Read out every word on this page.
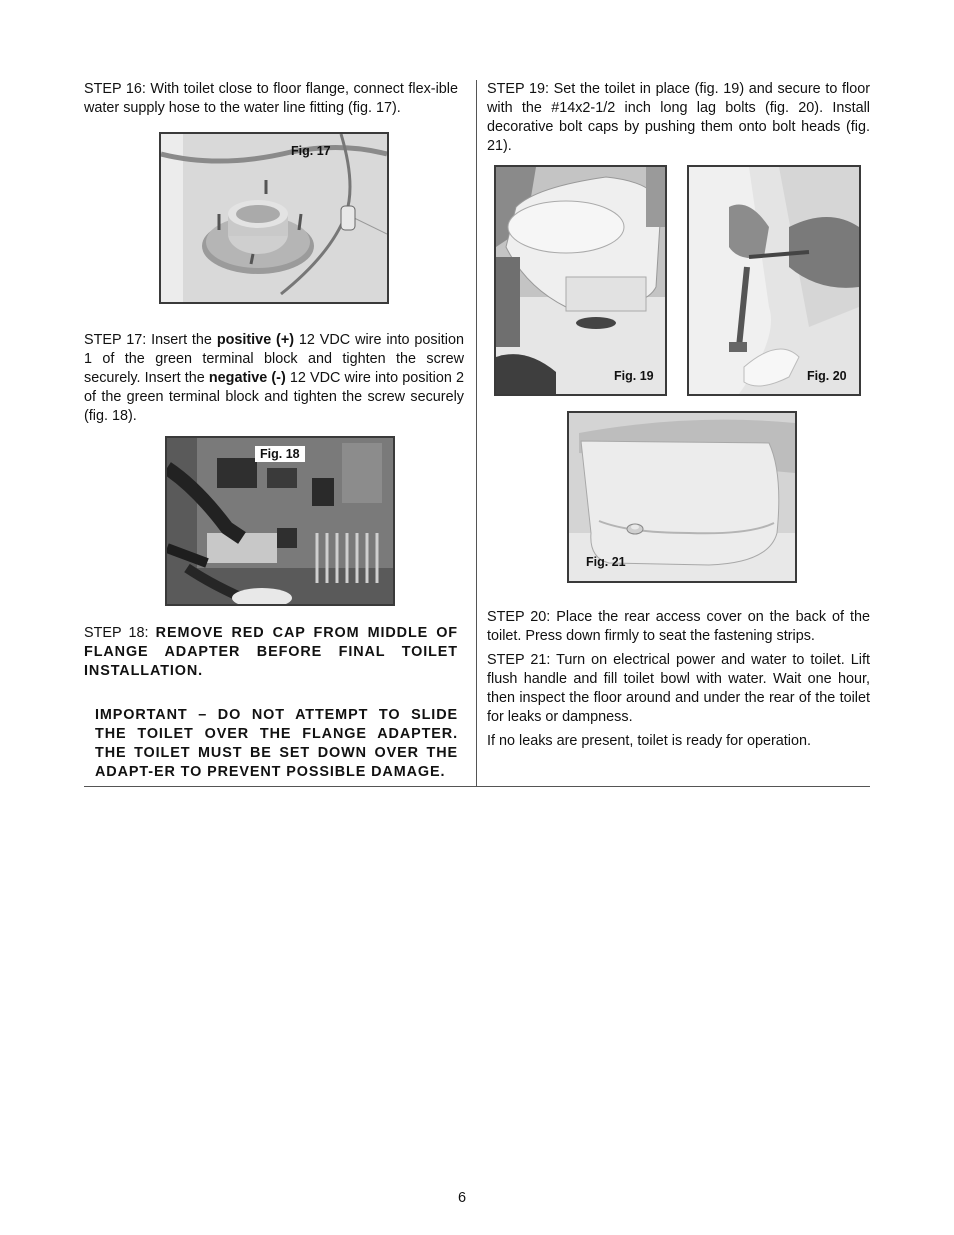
STEP 16: With toilet close to floor flange, connect flex-ible water supply hose to the water line fitting (fig. 17).

Fig. 17

STEP 17: Insert the positive (+) 12 VDC wire into position 1 of the green terminal block and tighten the screw securely. Insert the negative (-) 12 VDC wire into position 2 of the green terminal block and tighten the screw securely (fig. 18).

Fig. 18

STEP 18: REMOVE RED CAP FROM MIDDLE OF FLANGE ADAPTER BEFORE FINAL TOILET INSTALLATION.

IMPORTANT – DO NOT ATTEMPT TO SLIDE THE TOILET OVER THE FLANGE ADAPTER. THE TOILET MUST BE SET DOWN OVER THE ADAPT-ER TO PREVENT POSSIBLE DAMAGE.

STEP 19: Set the toilet in place (fig. 19) and secure to floor with the #14x2-1/2 inch long lag bolts (fig. 20). Install decorative bolt caps by pushing them onto bolt heads (fig. 21).

Fig. 19	Fig. 20
Fig. 21

STEP 20: Place the rear access cover on the back of the toilet. Press down firmly to seat the fastening strips.

STEP 21: Turn on electrical power and water to toilet. Lift flush handle and fill toilet bowl with water. Wait one hour, then inspect the floor around and under the rear of the toilet for leaks or dampness.

If no leaks are present, toilet is ready for operation.

6
